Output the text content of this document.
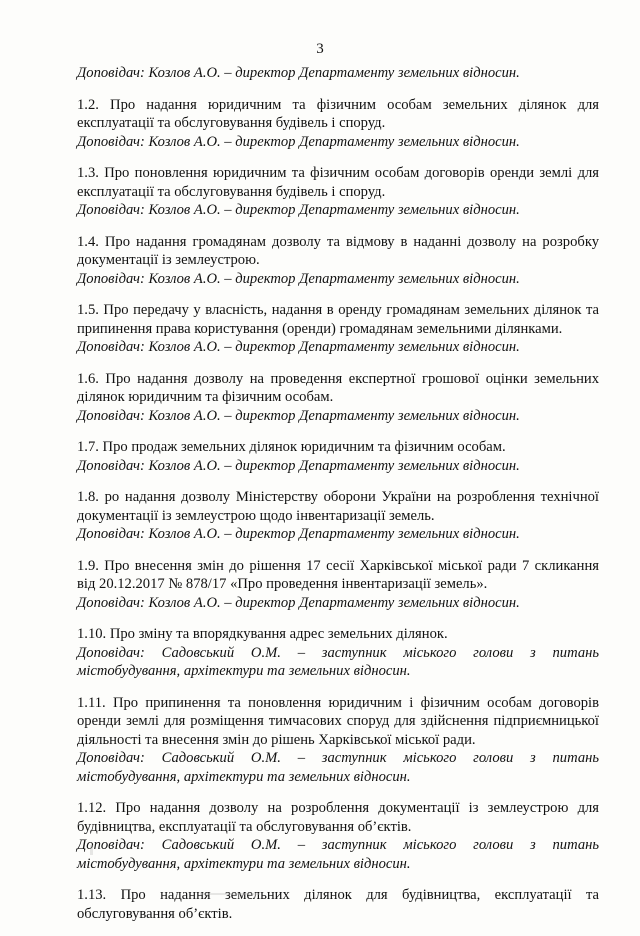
3

Доповідач: Козлов А.О. – директор Департаменту земельних відносин.

1.2. Про надання юридичним та фізичним особам земельних ділянок для експлуатації та обслуговування будівель і споруд.

Доповідач: Козлов А.О. – директор Департаменту земельних відносин.

1.3. Про поновлення юридичним та фізичним особам договорів оренди землі для експлуатації та обслуговування будівель і споруд.

Доповідач: Козлов А.О. – директор Департаменту земельних відносин.

1.4. Про надання громадянам дозволу та відмову в наданні дозволу на розробку документації із землеустрою.

Доповідач: Козлов А.О. – директор Департаменту земельних відносин.

1.5. Про передачу у власність, надання в оренду громадянам земельних ділянок та припинення права користування (оренди) громадянам земельними ділянками.

Доповідач: Козлов А.О. – директор Департаменту земельних відносин.

1.6. Про надання дозволу на проведення експертної грошової оцінки земельних ділянок юридичним та фізичним особам.

Доповідач: Козлов А.О. – директор Департаменту земельних відносин.

1.7. Про продаж земельних ділянок юридичним та фізичним особам.

Доповідач: Козлов А.О. – директор Департаменту земельних відносин.

1.8. ро надання дозволу Міністерству оборони України на розроблення технічної документації із землеустрою щодо інвентаризації земель.

Доповідач: Козлов А.О. – директор Департаменту земельних відносин.

1.9. Про внесення змін до рішення 17 сесії Харківської міської ради 7 скликання від 20.12.2017 № 878/17 «Про проведення інвентаризації земель».

Доповідач: Козлов А.О. – директор Департаменту земельних відносин.

1.10. Про зміну та впорядкування адрес земельних ділянок.

Доповідач: Садовський О.М. – заступник міського голови з питань містобудування, архітектури та земельних відносин.

1.11. Про припинення та поновлення юридичним і фізичним особам договорів оренди землі для розміщення тимчасових споруд для здійснення підприємницької діяльності та внесення змін до рішень Харківської міської ради.

Доповідач: Садовський О.М. – заступник міського голови з питань містобудування, архітектури та земельних відносин.

1.12. Про надання дозволу на розроблення документації із землеустрою для будівництва, експлуатації та обслуговування об’єктів.

Доповідач: Садовський О.М. – заступник міського голови з питань містобудування, архітектури та земельних відносин.

1.13. Про надання земельних ділянок для будівництва, експлуатації та обслуговування об’єктів.
